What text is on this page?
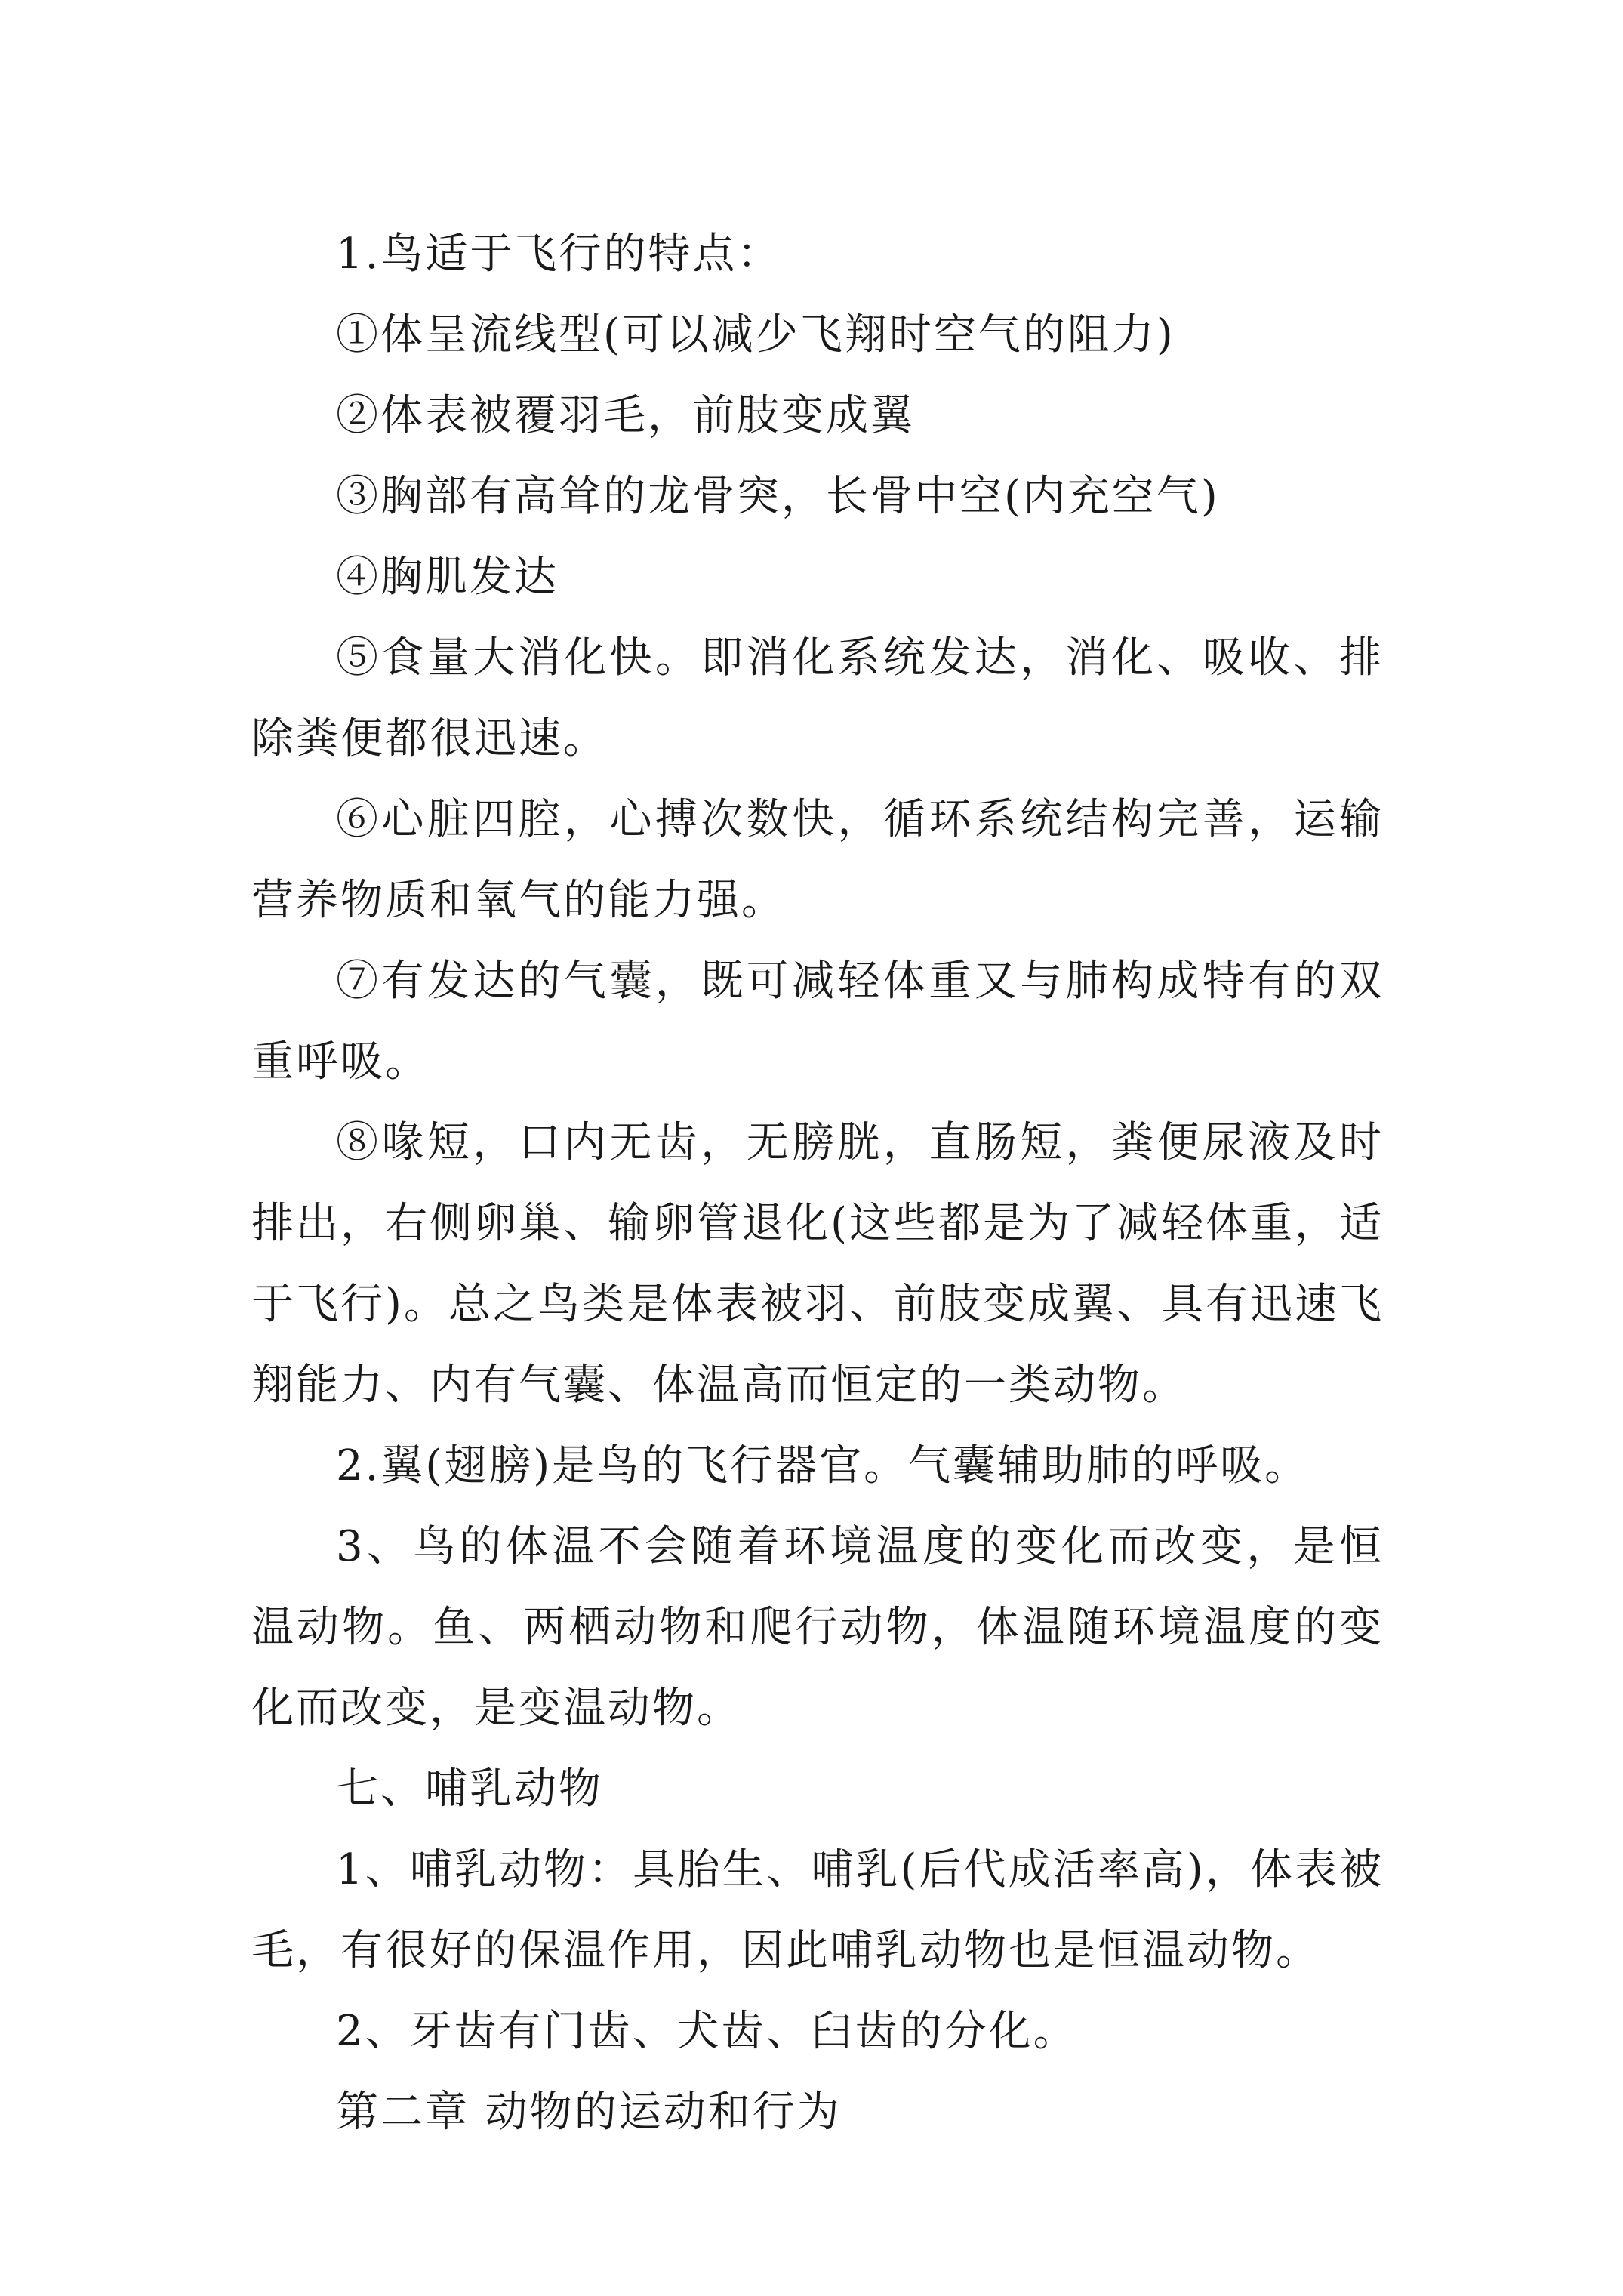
1.鸟适于飞行的特点：

①体呈流线型(可以减少飞翔时空气的阻力)

②体表被覆羽毛，前肢变成翼

③胸部有高耸的龙骨突，长骨中空(内充空气)

④胸肌发达

⑤食量大消化快。即消化系统发达，消化、吸收、排除粪便都很迅速。

⑥心脏四腔，心搏次数快，循环系统结构完善，运输营养物质和氧气的能力强。

⑦有发达的气囊，既可减轻体重又与肺构成特有的双重呼吸。

⑧喙短，口内无齿，无膀胱，直肠短，粪便尿液及时排出，右侧卵巢、输卵管退化(这些都是为了减轻体重，适于飞行)。总之鸟类是体表被羽、前肢变成翼、具有迅速飞翔能力、内有气囊、体温高而恒定的一类动物。

2.翼(翅膀)是鸟的飞行器官。气囊辅助肺的呼吸。

3、鸟的体温不会随着环境温度的变化而改变，是恒温动物。鱼、两栖动物和爬行动物，体温随环境温度的变化而改变，是变温动物。

七、哺乳动物

1、哺乳动物：具胎生、哺乳(后代成活率高)，体表被毛，有很好的保温作用，因此哺乳动物也是恒温动物。

2、牙齿有门齿、犬齿、臼齿的分化。

第二章 动物的运动和行为
